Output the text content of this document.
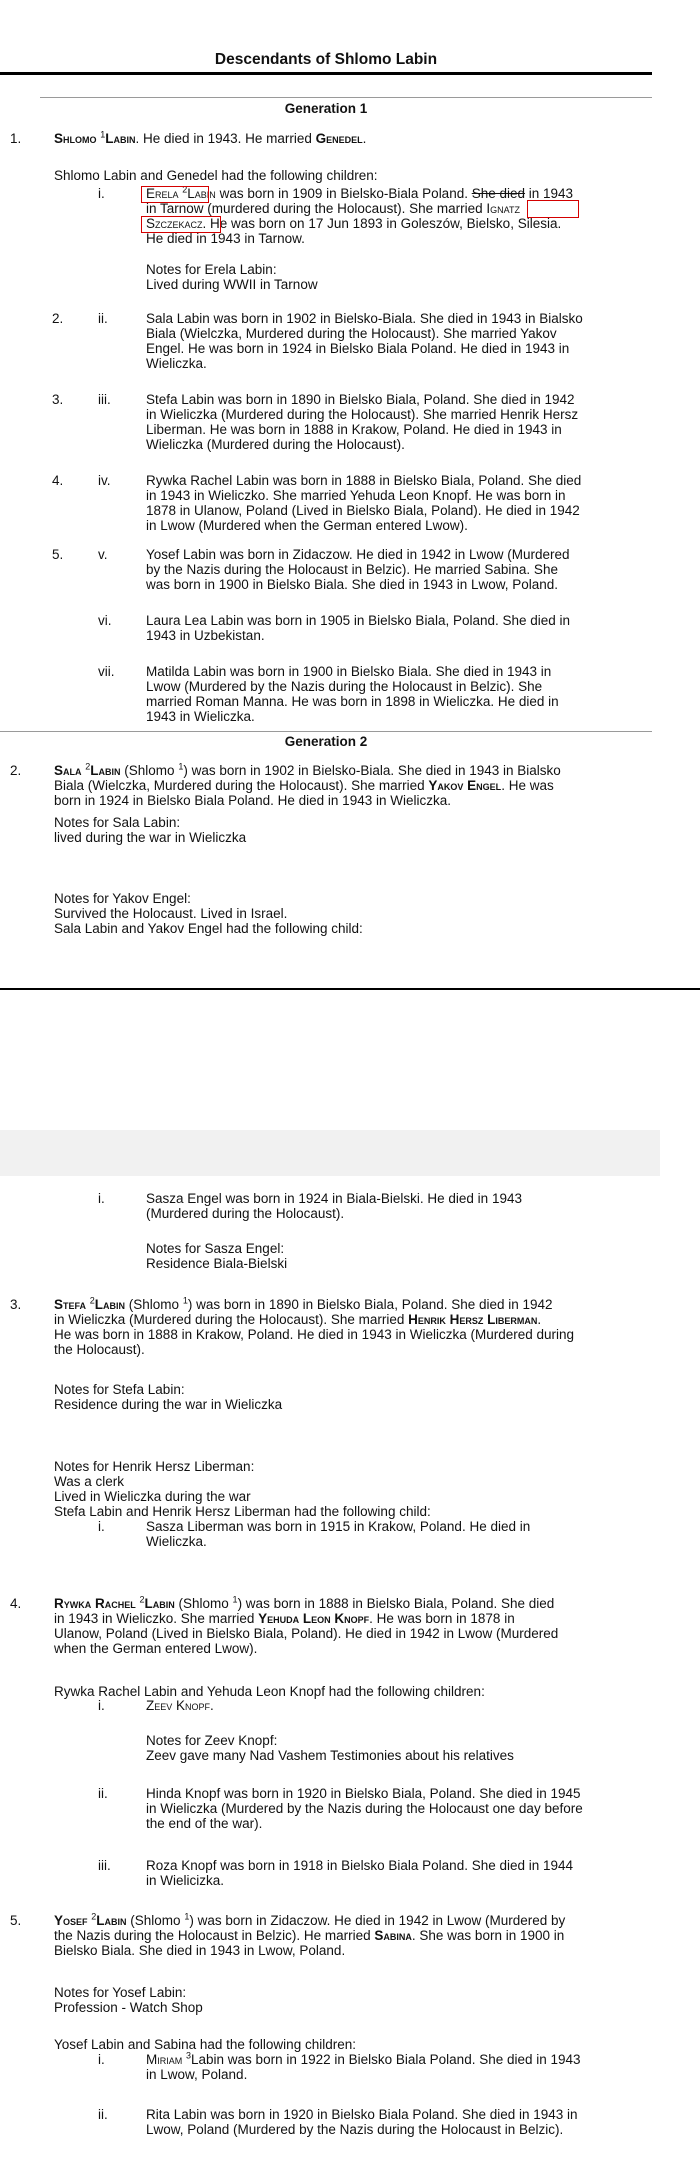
Descendants of Shlomo Labin
Generation 1
1. Shlomo $^1$Labin. He died in 1943. He married Genedel.
Shlomo Labin and Genedel had the following children:
i.	Erela $^2$Labin was born in 1909 in Bielsko-Biala Poland. She died in 1943
in Tarnow (murdered during the Holocaust). She married Ignatz
Szczekacz. He was born on 17 Jun 1893 in Goleszów, Bielsko, Silesia.
He died in 1943 in Tarnow.
Notes for Erela Labin:
Lived during WWII in Tarnow
2.	ii.	Sala Labin was born in 1902 in Bielsko-Biala. She died in 1943 in Bialsko
Biala (Wielczka, Murdered during the Holocaust). She married Yakov
Engel. He was born in 1924 in Bielsko Biala Poland. He died in 1943 in
Wieliczka.
3.	iii.	Stefa Labin was born in 1890 in Bielsko Biala, Poland. She died in 1942
in Wieliczka (Murdered during the Holocaust). She married Henrik Hersz
Liberman. He was born in 1888 in Krakow, Poland. He died in 1943 in
Wieliczka (Murdered during the Holocaust).
4.	iv.	Rywka Rachel Labin was born in 1888 in Bielsko Biala, Poland. She died
in 1943 in Wieliczko. She married Yehuda Leon Knopf. He was born in
1878 in Ulanow, Poland (Lived in Bielsko Biala, Poland). He died in 1942
in Lwow (Murdered when the German entered Lwow).
5.	v.	Yosef Labin was born in Zidaczow. He died in 1942 in Lwow (Murdered
by the Nazis during the Holocaust in Belzic). He married Sabina. She
was born in 1900 in Bielsko Biala. She died in 1943 in Lwow, Poland.
vi.	Laura Lea Labin was born in 1905 in Bielsko Biala, Poland. She died in
1943 in Uzbekistan.
vii.	Matilda Labin was born in 1900 in Bielsko Biala. She died in 1943 in
Lwow (Murdered by the Nazis during the Holocaust in Belzic). She
married Roman Manna. He was born in 1898 in Wieliczka. He died in
1943 in Wieliczka.
Generation 2
2. Sala $^2$Labin (Shlomo $^1$) was born in 1902 in Bielsko-Biala. She died in 1943 in Bialsko
Biala (Wielczka, Murdered during the Holocaust). She married Yakov Engel. He was
born in 1924 in Bielsko Biala Poland. He died in 1943 in Wieliczka.
Notes for Sala Labin:
lived during the war in Wieliczka
Notes for Yakov Engel:
Survived the Holocaust. Lived in Israel.
Sala Labin and Yakov Engel had the following child:
i.	Sasza Engel was born in 1924 in Biala-Bielski. He died in 1943
(Murdered during the Holocaust).
Notes for Sasza Engel:
Residence Biala-Bielski
3. Stefa $^2$Labin (Shlomo $^1$) was born in 1890 in Bielsko Biala, Poland. She died in 1942
in Wieliczka (Murdered during the Holocaust). She married Henrik Hersz Liberman.
He was born in 1888 in Krakow, Poland. He died in 1943 in Wieliczka (Murdered during
the Holocaust).
Notes for Stefa Labin:
Residence during the war in Wieliczka
Notes for Henrik Hersz Liberman:
Was a clerk
Lived in Wieliczka during the war
Stefa Labin and Henrik Hersz Liberman had the following child:
i.	Sasza Liberman was born in 1915 in Krakow, Poland. He died in
Wieliczka.
4. Rywka Rachel $^2$Labin (Shlomo $^1$) was born in 1888 in Bielsko Biala, Poland. She died
in 1943 in Wieliczko. She married Yehuda Leon Knopf. He was born in 1878 in
Ulanow, Poland (Lived in Bielsko Biala, Poland). He died in 1942 in Lwow (Murdered
when the German entered Lwow).
Rywka Rachel Labin and Yehuda Leon Knopf had the following children:
i.	Zeev Knopf.
Notes for Zeev Knopf:
Zeev gave many Nad Vashem Testimonies about his relatives
ii.	Hinda Knopf was born in 1920 in Bielsko Biala, Poland. She died in 1945
in Wieliczka (Murdered by the Nazis during the Holocaust one day before
the end of the war).
iii.	Roza Knopf was born in 1918 in Bielsko Biala Poland. She died in 1944
in Wielicizka.
5. Yosef $^2$Labin (Shlomo $^1$) was born in Zidaczow. He died in 1942 in Lwow (Murdered by
the Nazis during the Holocaust in Belzic). He married Sabina. She was born in 1900 in
Bielsko Biala. She died in 1943 in Lwow, Poland.
Notes for Yosef Labin:
Profession - Watch Shop
Yosef Labin and Sabina had the following children:
i.	Miriam $^3$Labin was born in 1922 in Bielsko Biala Poland. She died in 1943
in Lwow, Poland.
ii.	Rita Labin was born in 1920 in Bielsko Biala Poland. She died in 1943 in
Lwow, Poland (Murdered by the Nazis during the Holocaust in Belzic).
